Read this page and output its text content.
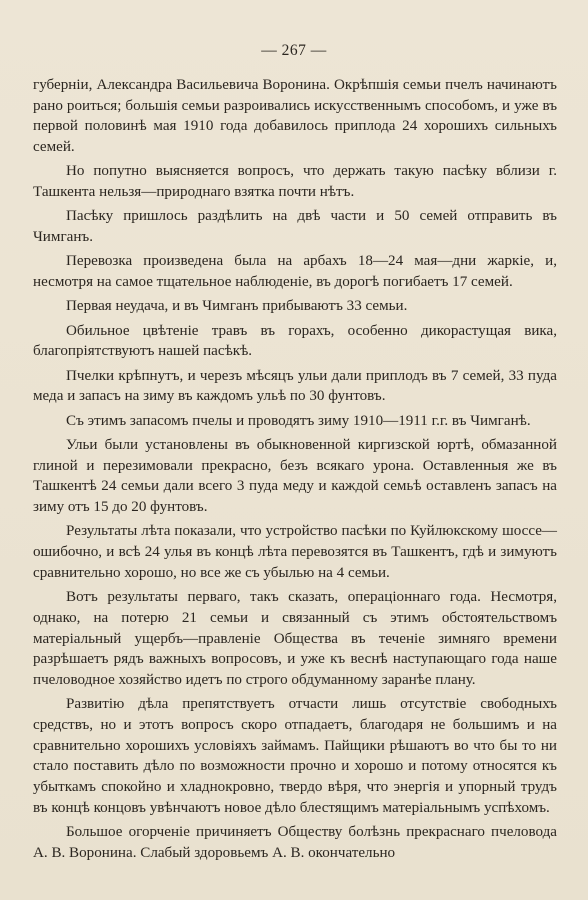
— 267 —

губерніи, Александра Васильевича Воронина. Окрѣпшія семьи пчелъ начинаютъ рано роиться; большія семьи разроивались искусственнымъ способомъ, и уже въ первой половинѣ мая 1910 года добавилось приплода 24 хорошихъ сильныхъ семей.

Но попутно выясняется вопросъ, что держать такую пасѣку вблизи г. Ташкента нельзя—природнаго взятка почти нѣтъ.

Пасѣку пришлось раздѣлить на двѣ части и 50 семей отправить въ Чимганъ.

Перевозка произведена была на арбахъ 18—24 мая—дни жаркіе, и, несмотря на самое тщательное наблюденіе, въ дорогѣ погибаетъ 17 семей.

Первая неудача, и въ Чимганъ прибываютъ 33 семьи.

Обильное цвѣтеніе травъ въ горахъ, особенно дикорастущая вика, благопріятствуютъ нашей пасѣкѣ.

Пчелки крѣпнутъ, и черезъ мѣсяцъ ульи дали приплодъ въ 7 семей, 33 пуда меда и запасъ на зиму въ каждомъ ульѣ по 30 фунтовъ.

Съ этимъ запасомъ пчелы и проводятъ зиму 1910—1911 г.г. въ Чимганѣ.

Ульи были установлены въ обыкновенной киргизской юртѣ, обмазанной глиной и перезимовали прекрасно, безъ всякаго урона. Оставленныя же въ Ташкентѣ 24 семьи дали всего 3 пуда меду и каждой семьѣ оставленъ запасъ на зиму отъ 15 до 20 фунтовъ.

Результаты лѣта показали, что устройство пасѣки по Куйлюкскому шоссе—ошибочно, и всѣ 24 улья въ концѣ лѣта перевозятся въ Ташкентъ, гдѣ и зимуютъ сравнительно хорошо, но все же съ убылью на 4 семьи.

Вотъ результаты перваго, такъ сказать, операціоннаго года. Несмотря, однако, на потерю 21 семьи и связанный съ этимъ обстоятельствомъ матеріальный ущербъ—правленіе Общества въ теченіе зимняго времени разрѣшаетъ рядъ важныхъ вопросовъ, и уже къ веснѣ наступающаго года наше пчеловодное хозяйство идетъ по строго обдуманному заранѣе плану.

Развитію дѣла препятствуетъ отчасти лишь отсутствіе свободныхъ средствъ, но и этотъ вопросъ скоро отпадаетъ, благодаря не большимъ и на сравнительно хорошихъ условіяхъ займамъ. Пайщики рѣшаютъ во что бы то ни стало поставить дѣло по возможности прочно и хорошо и потому относятся къ убыткамъ спокойно и хладнокровно, твердо вѣря, что энергія и упорный трудъ въ концѣ концовъ увѣнчаютъ новое дѣло блестящимъ матеріальнымъ успѣхомъ.

Большое огорченіе причиняетъ Обществу болѣзнь прекраснаго пчеловода А. В. Воронина. Слабый здоровьемъ А. В. окончательно
